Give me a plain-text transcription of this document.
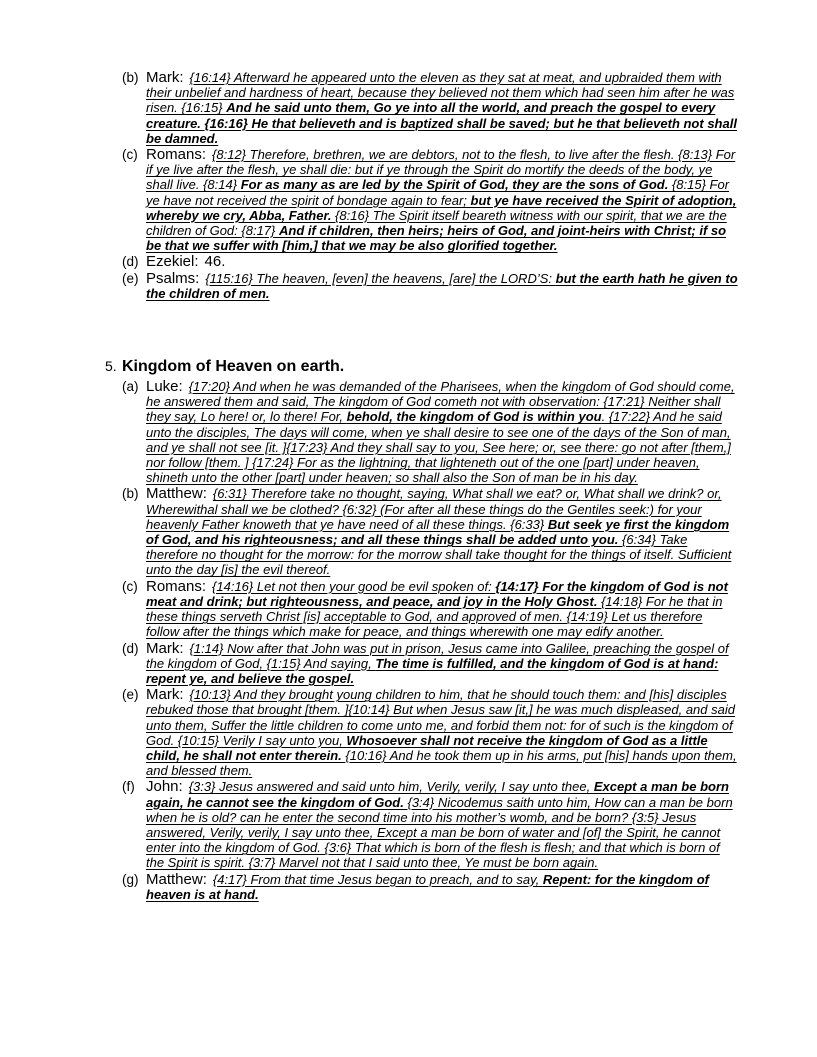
(b) Mark: {16:14} Afterward he appeared unto the eleven as they sat at meat, and upbraided them with their unbelief and hardness of heart, because they believed not them which had seen him after he was risen. {16:15} And he said unto them, Go ye into all the world, and preach the gospel to every creature. {16:16} He that believeth and is baptized shall be saved; but he that believeth not shall be damned.
(c) Romans: {8:12} Therefore, brethren, we are debtors, not to the flesh, to live after the flesh. {8:13} For if ye live after the flesh, ye shall die: but if ye through the Spirit do mortify the deeds of the body, ye shall live. {8:14} For as many as are led by the Spirit of God, they are the sons of God. {8:15} For ye have not received the spirit of bondage again to fear; but ye have received the Spirit of adoption, whereby we cry, Abba, Father. {8:16} The Spirit itself beareth witness with our spirit, that we are the children of God: {8:17} And if children, then heirs; heirs of God, and joint-heirs with Christ; if so be that we suffer with [him,] that we may be also glorified together.
(d) Ezekiel: 46.
(e) Psalms: {115:16} The heaven, [even] the heavens, [are] the LORD’S: but the earth hath he given to the children of men.
5. Kingdom of Heaven on earth.
(a) Luke: {17:20} And when he was demanded of the Pharisees, when the kingdom of God should come, he answered them and said, The kingdom of God cometh not with observation: {17:21} Neither shall they say, Lo here! or, lo there! For, behold, the kingdom of God is within you. {17:22} And he said unto the disciples, The days will come, when ye shall desire to see one of the days of the Son of man, and ye shall not see [it. ]{17:23} And they shall say to you, See here; or, see there: go not after [them,] nor follow [them. ] {17:24} For as the lightning, that lighteneth out of the one [part] under heaven, shineth unto the other [part] under heaven; so shall also the Son of man be in his day.
(b) Matthew: {6:31} Therefore take no thought, saying, What shall we eat? or, What shall we drink? or, Wherewithal shall we be clothed? {6:32} (For after all these things do the Gentiles seek:) for your heavenly Father knoweth that ye have need of all these things. {6:33} But seek ye first the kingdom of God, and his righteousness; and all these things shall be added unto you. {6:34} Take therefore no thought for the morrow: for the morrow shall take thought for the things of itself. Sufficient unto the day [is] the evil thereof.
(c) Romans: {14:16} Let not then your good be evil spoken of: {14:17} For the kingdom of God is not meat and drink; but righteousness, and peace, and joy in the Holy Ghost. {14:18} For he that in these things serveth Christ [is] acceptable to God, and approved of men. {14:19} Let us therefore follow after the things which make for peace, and things wherewith one may edify another.
(d) Mark: {1:14} Now after that John was put in prison, Jesus came into Galilee, preaching the gospel of the kingdom of God, {1:15} And saying, The time is fulfilled, and the kingdom of God is at hand: repent ye, and believe the gospel.
(e) Mark: {10:13} And they brought young children to him, that he should touch them: and [his] disciples rebuked those that brought [them. ]{10:14} But when Jesus saw [it,] he was much displeased, and said unto them, Suffer the little children to come unto me, and forbid them not: for of such is the kingdom of God. {10:15} Verily I say unto you, Whosoever shall not receive the kingdom of God as a little child, he shall not enter therein. {10:16} And he took them up in his arms, put [his] hands upon them, and blessed them.
(f) John: {3:3} Jesus answered and said unto him, Verily, verily, I say unto thee, Except a man be born again, he cannot see the kingdom of God. {3:4} Nicodemus saith unto him, How can a man be born when he is old? can he enter the second time into his mother’s womb, and be born? {3:5} Jesus answered, Verily, verily, I say unto thee, Except a man be born of water and [of] the Spirit, he cannot enter into the kingdom of God. {3:6} That which is born of the flesh is flesh; and that which is born of the Spirit is spirit. {3:7} Marvel not that I said unto thee, Ye must be born again.
(g) Matthew: {4:17} From that time Jesus began to preach, and to say, Repent: for the kingdom of heaven is at hand.
